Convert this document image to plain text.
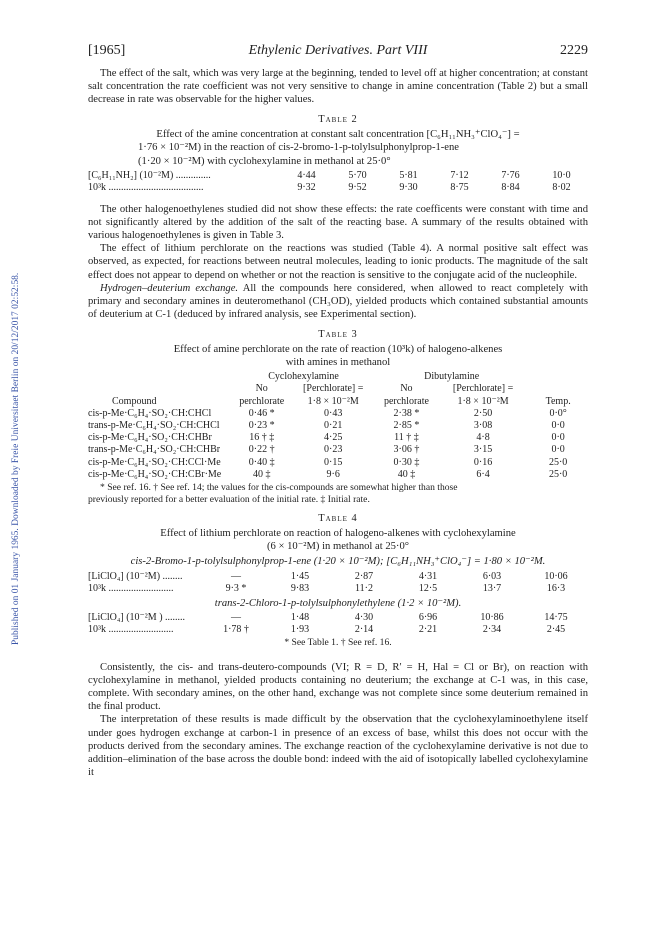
Published on 01 January 1965. Downloaded by Freie Universitaet Berlin on 20/12/2017 02:52:58.
[1965]	Ethylenic Derivatives. Part VIII	2229

The effect of the salt, which was very large at the beginning, tended to level off at higher concentration; at constant salt concentration the rate coefficient was not very sensitive to change in amine concentration (Table 2) but a small decrease in rate was observable for the higher values.

Table 2
Effect of the amine concentration at constant salt concentration [C₆H₁₁NH₃⁺ClO₄⁻] =
1·76 × 10⁻²M) in the reaction of cis-2-bromo-1-p-tolylsulphonylprop-1-ene
(1·20 × 10⁻²M) with cyclohexylamine in methanol at 25·0°
[C₆H₁₁NH₂] (10⁻²M) ..............	4·44	5·70	5·81	7·12	7·76	10·0
10³k ......................................	9·32	9·52	9·30	8·75	8·84	8·02

The other halogenoethylenes studied did not show these effects: the rate coefficents were constant with time and not significantly altered by the addition of the salt of the reacting base. A summary of the results obtained with various halogenoethylenes is given in Table 3.

The effect of lithium perchlorate on the reactions was studied (Table 4). A normal positive salt effect was observed, as expected, for reactions between neutral molecules, leading to ionic products. The magnitude of the salt effect does not appear to depend on whether or not the reaction is sensitive to the conjugate acid of the nucleophile.

Hydrogen–deuterium exchange. All the compounds here considered, when allowed to react completely with primary and secondary amines in deuteromethanol (CH₃OD), yielded products which contained substantial amounts of deuterium at C-1 (deduced by infrared analysis, see Experimental section).

Table 3
Effect of amine perchlorate on the rate of reaction (10³k) of halogeno-alkenes
with amines in methanol
	Cyclohexylamine		Dibutylamine		
	No	[Perchlorate] =	No	[Perchlorate] =	
Compound	perchlorate	1·8 × 10⁻²M	perchlorate	1·8 × 10⁻²M	Temp.
cis-p-Me·C₆H₄·SO₂·CH:CHCl	0·46 *	0·43	2·38 *	2·50	0·0°
trans-p-Me·C₆H₄·SO₂·CH:CHCl	0·23 *	0·21	2·85 *	3·08	0·0
cis-p-Me·C₆H₄·SO₂·CH:CHBr	16 † ‡	4·25	11 † ‡	4·8	0·0
trans-p-Me·C₆H₄·SO₂·CH:CHBr	0·22 †	0·23	3·06 †	3·15	0·0
cis-p-Me·C₆H₄·SO₂·CH:CCl·Me	0·40 ‡	0·15	0·30 ‡	0·16	25·0
cis-p-Me·C₆H₄·SO₂·CH:CBr·Me	40 ‡	9·6	40 ‡	6·4	25·0
* See ref. 16. † See ref. 14; the values for the cis-compounds are somewhat higher than those
previously reported for a better evaluation of the initial rate. ‡ Initial rate.
Table 4
Effect of lithium perchlorate on reaction of halogeno-alkenes with cyclohexylamine
(6 × 10⁻²M) in methanol at 25·0°
cis-2-Bromo-1-p-tolylsulphonylprop-1-ene (1·20 × 10⁻²M); [C₆H₁₁NH₃⁺ClO₄⁻] = 1·80 × 10⁻²M.
[LiClO₄] (10⁻²M) ........	—	1·45	2·87	4·31	6·03	10·06
10³k ..........................	9·3 *	9·83	11·2	12·5	13·7	16·3
trans-2-Chloro-1-p-tolylsulphonylethylene (1·2 × 10⁻²M).
[LiClO₄] (10⁻²M ) ........	—	1·48	4·30	6·96	10·86	14·75
10³k ..........................	1·78 †	1·93	2·14	2·21	2·34	2·45
* See Table 1. † See ref. 16.

Consistently, the cis- and trans-deutero-compounds (VI; R = D, R′ = H, Hal = Cl or Br), on reaction with cyclohexylamine in methanol, yielded products containing no deuterium; the exchange at C-1 was, in this case, complete. With secondary amines, on the other hand, exchange was not complete since some deuterium remained in the final product.

The interpretation of these results is made difficult by the observation that the cyclohexylaminoethylene itself under goes hydrogen exchange at carbon-1 in presence of an excess of base, whilst this does not occur with the products derived from the secondary amines. The exchange reaction of the cyclohexylamine derivative is not due to addition–elimination of the base across the double bond: indeed with the aid of isotopically labelled cyclohexylamine it
